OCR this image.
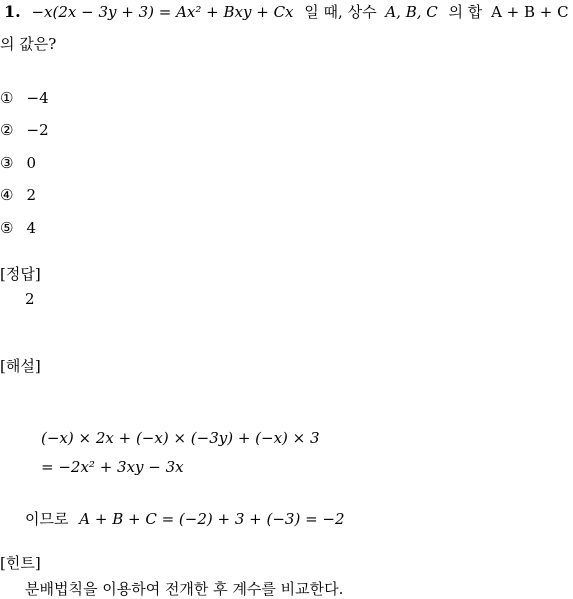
1. −x(2x − 3y + 3) = Ax² + Bxy + Cx 일 때, 상수 A, B, C 의 합 A + B + C
의 값은?
① −4
② −2
③ 0
④ 2
⑤ 4
[정답]
2
[해설]
(−x) × 2x + (−x) × (−3y) + (−x) × 3
= −2x² + 3xy − 3x
이므로 A + B + C = (−2) + 3 + (−3) = −2
[힌트]
분배법칙을 이용하여 전개한 후 계수를 비교한다.
